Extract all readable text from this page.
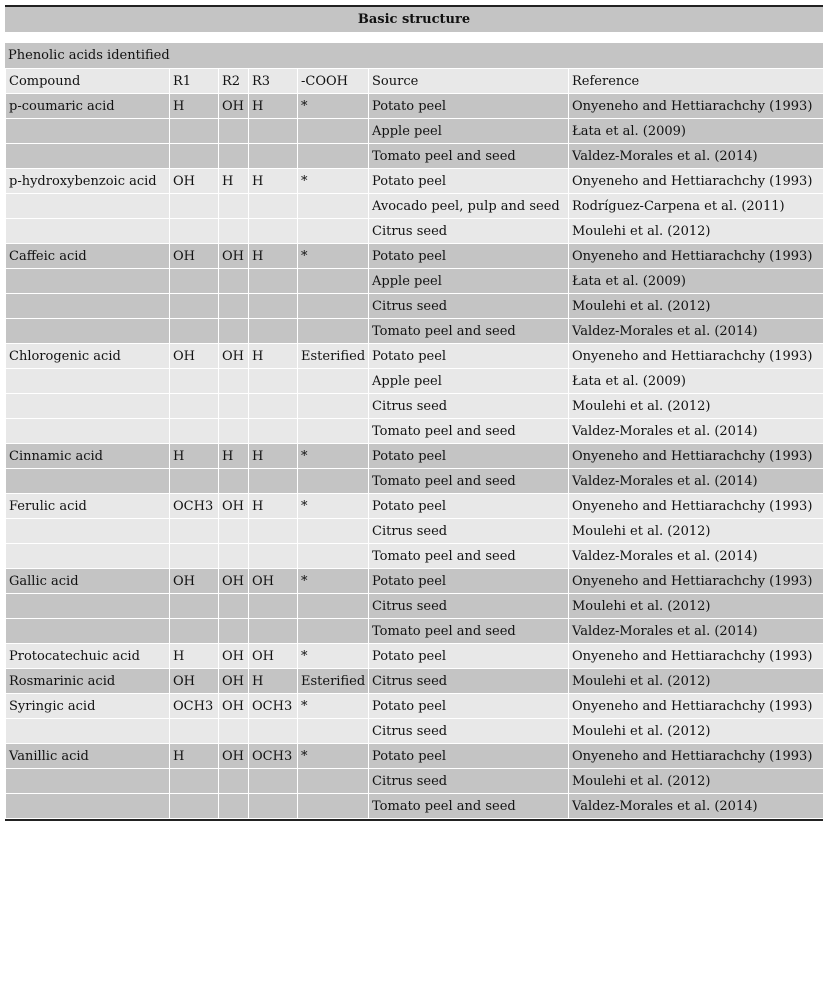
Basic structure
Phenolic acids identified
Compound	R1	R2	R3	-COOH	Source	Reference
p-coumaric acid	H	OH	H	*	Potato peel	Onyeneho and Hettiarachchy (1993)
					Apple peel	Łata et al. (2009)
					Tomato peel and seed	Valdez-Morales et al. (2014)
p-hydroxybenzoic acid	OH	H	H	*	Potato peel	Onyeneho and Hettiarachchy (1993)
					Avocado peel, pulp and seed	Rodríguez-Carpena et al. (2011)
					Citrus seed	Moulehi et al. (2012)
Caffeic acid	OH	OH	H	*	Potato peel	Onyeneho and Hettiarachchy (1993)
					Apple peel	Łata et al. (2009)
					Citrus seed	Moulehi et al. (2012)
					Tomato peel and seed	Valdez-Morales et al. (2014)
Chlorogenic acid	OH	OH	H	Esterified	Potato peel	Onyeneho and Hettiarachchy (1993)
					Apple peel	Łata et al. (2009)
					Citrus seed	Moulehi et al. (2012)
					Tomato peel and seed	Valdez-Morales et al. (2014)
Cinnamic acid	H	H	H	*	Potato peel	Onyeneho and Hettiarachchy (1993)
					Tomato peel and seed	Valdez-Morales et al. (2014)
Ferulic acid	OCH3	OH	H	*	Potato peel	Onyeneho and Hettiarachchy (1993)
					Citrus seed	Moulehi et al. (2012)
					Tomato peel and seed	Valdez-Morales et al. (2014)
Gallic acid	OH	OH	OH	*	Potato peel	Onyeneho and Hettiarachchy (1993)
					Citrus seed	Moulehi et al. (2012)
					Tomato peel and seed	Valdez-Morales et al. (2014)
Protocatechuic acid	H	OH	OH	*	Potato peel	Onyeneho and Hettiarachchy (1993)
Rosmarinic acid	OH	OH	H	Esterified	Citrus seed	Moulehi et al. (2012)
Syringic acid	OCH3	OH	OCH3	*	Potato peel	Onyeneho and Hettiarachchy (1993)
					Citrus seed	Moulehi et al. (2012)
Vanillic acid	H	OH	OCH3	*	Potato peel	Onyeneho and Hettiarachchy (1993)
					Citrus seed	Moulehi et al. (2012)
					Tomato peel and seed	Valdez-Morales et al. (2014)
